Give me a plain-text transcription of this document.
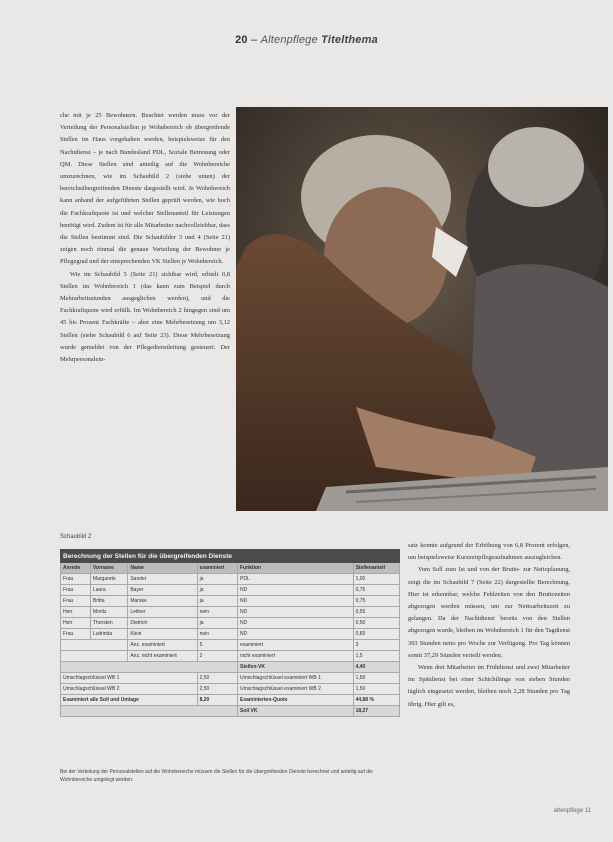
20 – Altenpflege Titelthema

che mit je 25 Bewohnern. Beachtet werden muss vor der Verteilung der Personalstellen je Wohnbereich ob übergreifende Stellen im Haus vorgehalten werden, beispielsweise für den Nachtdienst – je nach Bundesland PDL, Soziale Betreuung oder QM. Diese Stellen sind anteilig auf die Wohnbereiche umzurechnen, wie im Schaubild 2 (siehe unten) der bereichsübergreifenden Dienste dargestellt wird. Je Wohnbereich kann anhand der aufgeführten Stellen geprüft werden, wie hoch die Fachkraftquote ist und welcher Stellenanteil für Leistungen benötigt wird. Zudem ist für alle Mitarbeiter nachvollziehbar, dass die Stellen bestimmt sind. Die Schaubilder 3 und 4 (Seite 21) zeigen noch einmal die genaue Verteilung der Bewohner je Pflegegrad und der entsprechenden VK Stellen je Wohnbereich.

Wie im Schaubild 5 (Seite 21) sichtbar wird, erhielt 0,8 Stellen im Wohnbereich 1 (das kann zum Beispiel durch Mehrarbeitsstunden ausgeglichen werden), und die Fachkraftquote wird erfüllt. Im Wohnbereich 2 hingegen sind um 45 bis Prozent Fachkräfte – aber eine Mehrbesetzung um 3,12 Stellen (siehe Schaubild 6 auf Seite 23). Diese Mehrbesetzung wurde gemeldet von der Pflegedienstleitung gesteuert. Der Mehrpersonalein-

Schaubild 2
Berechnung der Stellen für die übergreifenden Dienste					
Anrede	Vorname	Name	examiniert	Funktion	Stellenanteil
Frau	Margarete	Sander	ja	PDL	1,00
Frau	Laura	Bayer	ja	ND	0,75
Frau	Britta	Marske	ja	ND	0,75
Herr	Moritz	Leitner	nein	ND	0,55
Herr	Thorsten	Dietrich	ja	ND	0,50
Frau	Luitrinda	Klein	nein	ND	0,83
		Anz. examiniert	5	examiniert	3
		Anz. nicht examiniert	2	nicht examiniert	1,5
				Stellen-VK	4,40
Umschlagschlüssel WB 1			2,50	Umschlagschlüssel examiniert WB 1	1,50
Umschlagschlüssel WB 2			2,50	Umschlagschlüssel examiniert WB 2	1,50
Examiniert alle Soll und Umlage			8,20	Examinierten-Quote	44,88 %
				Soll VK	18,27
Bei der Verteilung der Personalstellen auf die Wohnbereiche müssen die Stellen für die übergreifenden Dienste berechnet und anteilig auf die Wohnbereiche umgelegt werden.

satz konnte aufgrund der Erhöhung von 6,8 Prozent erfolgen, um beispielsweise Kurzzeitpflegeaufnahmen auszugleichen.

Vom Soll zum Ist und von der Brutto- zur Nettoplanung, zeigt die im Schaubild 7 (Seite 22) dargestellte Berechnung. Hier ist erkennbar, welche Fehlzeiten von den Bruttozeiten abgezogen werden müssen, um zur Nettoarbeitszeit zu gelangen. Da der Nachtdienst bereits von den Stellen abgezogen wurde, bleiben im Wohnbereich 1 für den Tagdienst 303 Stunden netto pro Woche zur Verfügung. Pro Tag können somit 37,29 Stunden verteilt werden.

Wenn drei Mitarbeiter im Frühdienst und zwei Mitarbeiter im Spätdienst bei einer Schichtlänge von sieben Stunden täglich eingesetzt werden, bleiben noch 2,28 Stunden pro Tag übrig. Hier gilt es,

altenpflege 11
